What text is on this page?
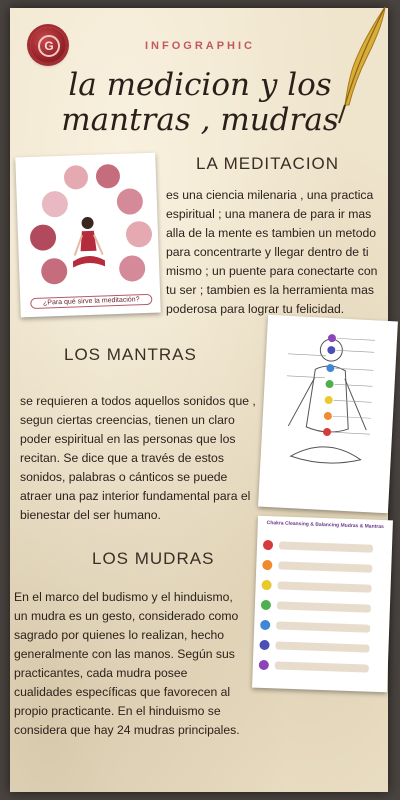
G	INFOGRAPHIC
la medicion y los mantras , mudras
¿Para qué sirve la meditación?
LA MEDITACION
es una ciencia milenaria , una practica espiritual ; una manera de para ir mas alla de la mente es tambien un metodo para concentrarte y llegar dentro de ti mismo ; un puente para conectarte con tu ser ; tambien es la herramienta mas poderosa para lograr tu felicidad.
LOS MANTRAS
se requieren a todos aquellos sonidos que , segun ciertas creencias, tienen un claro poder espiritual en las personas que los recitan. Se dice que a través de estos sonidos, palabras o cánticos se puede atraer una paz interior fundamental para el bienestar del ser humano.
LOS MUDRAS
En el marco del budismo y el hinduismo, un mudra es un gesto, considerado como sagrado por quienes lo realizan, hecho generalmente con las manos. Según sus practicantes, cada mudra posee cualidades específicas que favorecen al propio practicante. En el hinduismo se considera que hay 24 mudras principales.
Chakra Cleansing & Balancing Mudras & Mantras
